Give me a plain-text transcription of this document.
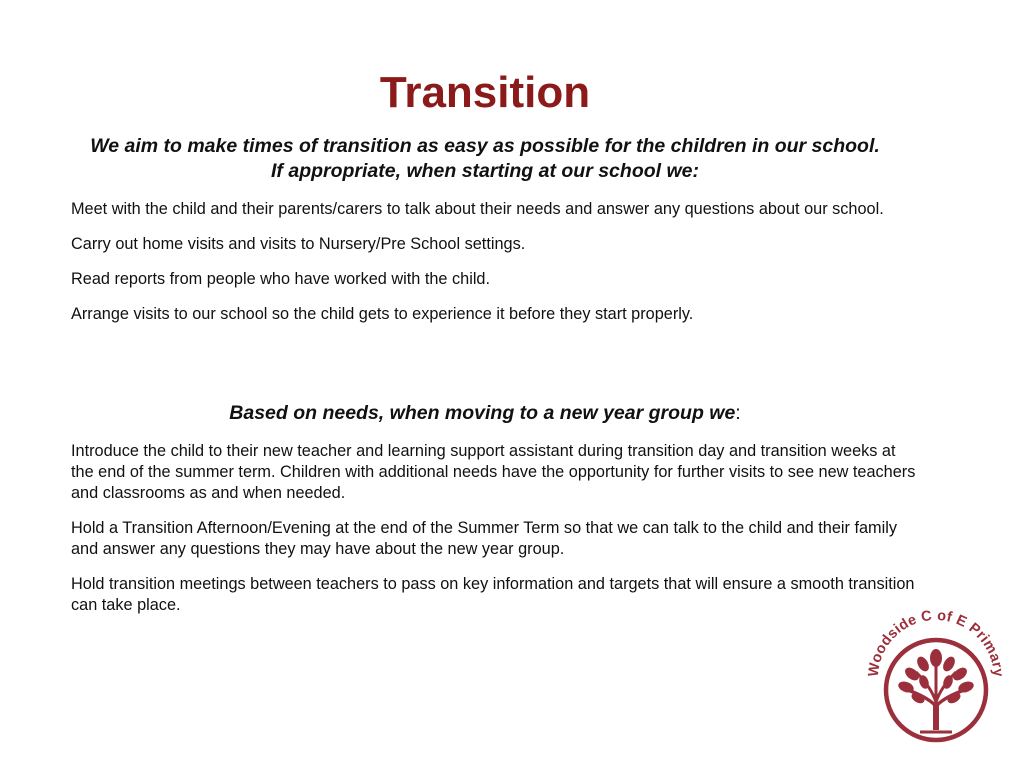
Transition
We aim to make times of transition as easy as possible for the children in our school.
If appropriate, when starting at our school we:
Meet with the child and their parents/carers to talk about their needs and answer any questions about our school.
Carry out home visits and visits to Nursery/Pre School settings.
Read reports from people who have worked with the child.
Arrange visits to our school so the child gets to experience it before they start properly.

Based on needs, when moving to a new year group we:

Introduce the child to their new teacher and learning support assistant during transition day and transition weeks at the end of the summer term. Children with additional needs have the opportunity for further visits to see new teachers and classrooms as and when needed.
Hold a Transition Afternoon/Evening at the end of the Summer Term so that we can talk to the child and their family and answer any questions they may have about the new year group.
Hold transition meetings between teachers to pass on key information and targets that will ensure a smooth transition can take place.
Woodside C of E Primary
